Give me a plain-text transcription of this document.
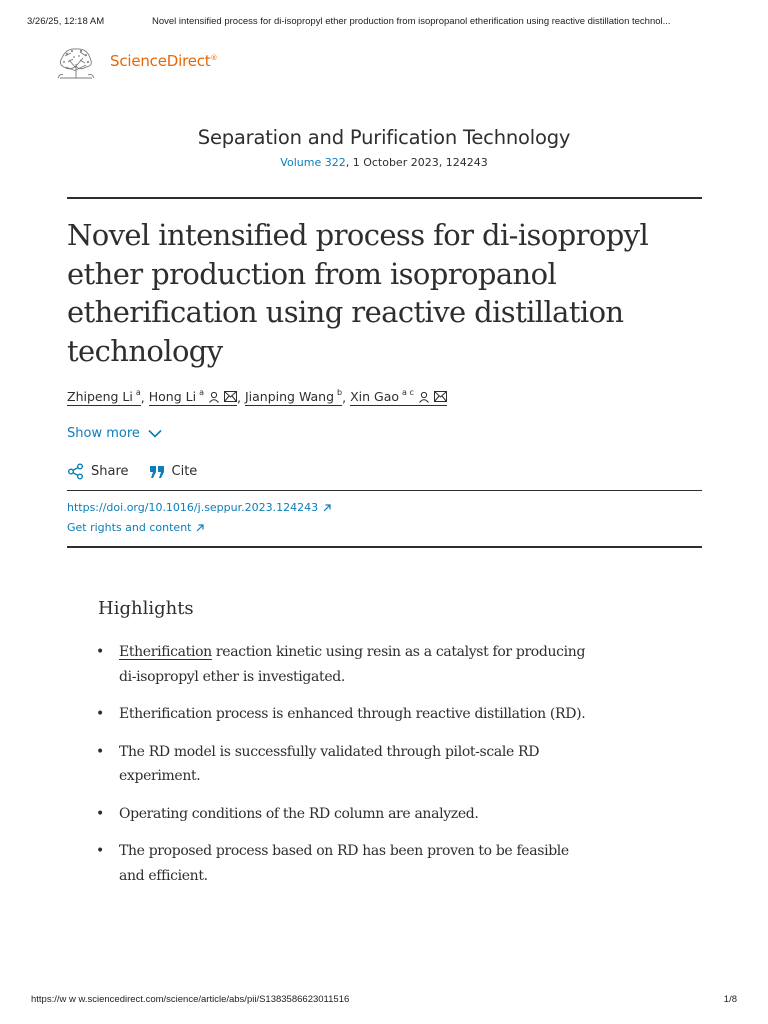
3/26/25, 12:18 AM	Novel intensified process for di-isopropyl ether production from isopropanol etherification using reactive distillation technol...
ScienceDirect®
Separation and Purification Technology
Volume 322, 1 October 2023, 124243
Novel intensified process for di-isopropyl ether production from isopropanol etherification using reactive distillation technology
Zhipeng Li $^a$ , Hong Li $^a$	, Jianping Wang $^b$ , Xin Gao $^{a c}$
Show more
Share	Cite
https://doi.org/10.1016/j.seppur.2023.124243
Get rights and content
Highlights
• Etherification reaction kinetic using resin as a catalyst for producing di-isopropyl ether is investigated.
• Etherification process is enhanced through reactive distillation (RD).
• The RD model is successfully validated through pilot-scale RD experiment.
• Operating conditions of the RD column are analyzed.
• The proposed process based on RD has been proven to be feasible and efficient.
https://w w w.sciencedirect.com/science/article/abs/pii/S1383586623011516	1/8
